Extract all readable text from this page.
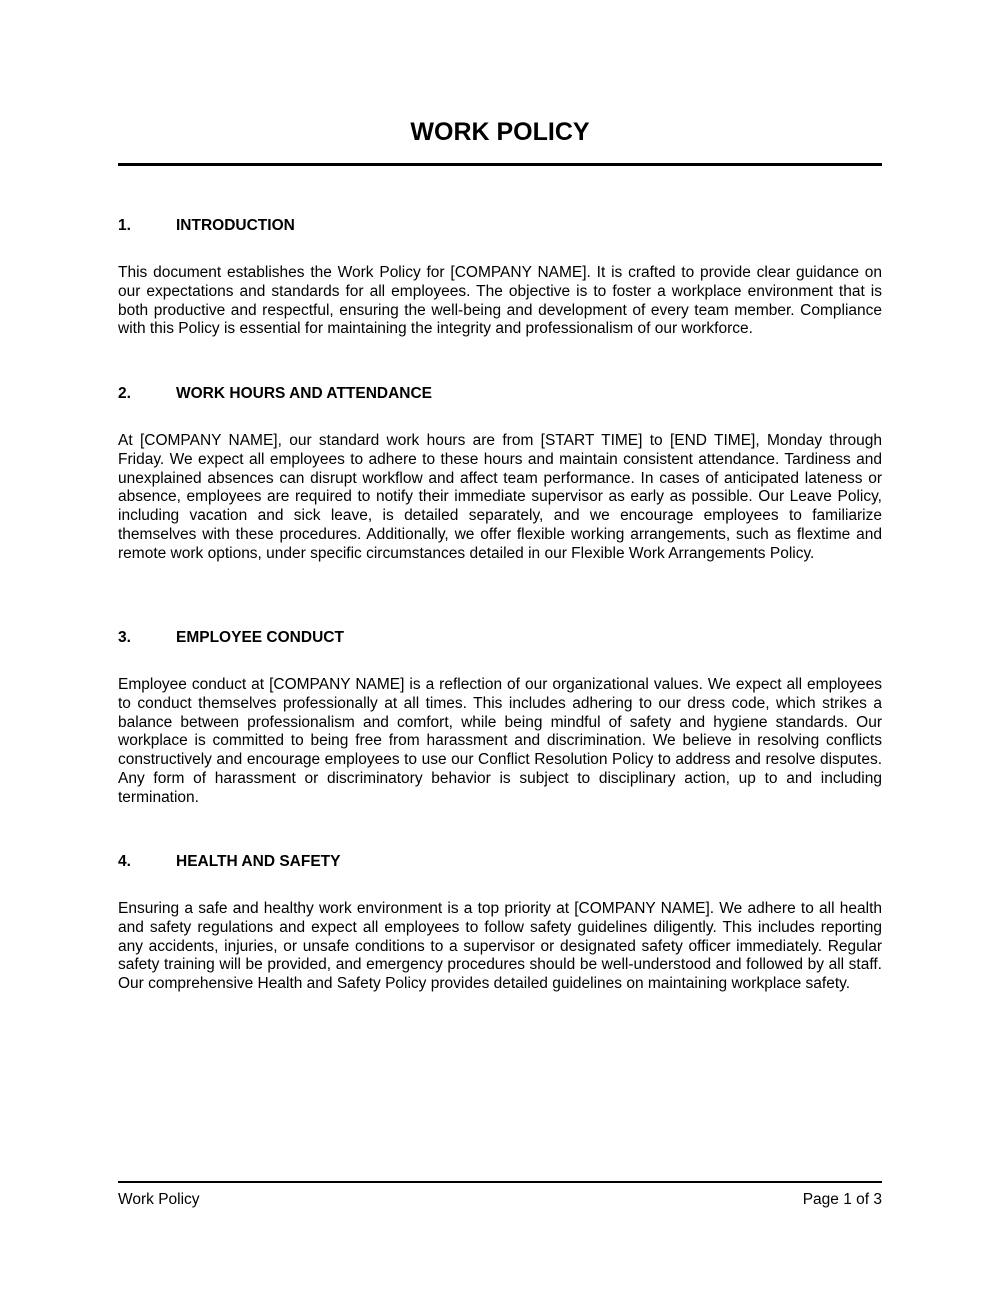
WORK POLICY
1.	INTRODUCTION

This document establishes the Work Policy for [COMPANY NAME]. It is crafted to provide clear guidance on our expectations and standards for all employees. The objective is to foster a workplace environment that is both productive and respectful, ensuring the well-being and development of every team member. Compliance with this Policy is essential for maintaining the integrity and professionalism of our workforce.

2.	WORK HOURS AND ATTENDANCE

At [COMPANY NAME], our standard work hours are from [START TIME] to [END TIME], Monday through Friday. We expect all employees to adhere to these hours and maintain consistent attendance. Tardiness and unexplained absences can disrupt workflow and affect team performance. In cases of anticipated lateness or absence, employees are required to notify their immediate supervisor as early as possible. Our Leave Policy, including vacation and sick leave, is detailed separately, and we encourage employees to familiarize themselves with these procedures. Additionally, we offer flexible working arrangements, such as flextime and remote work options, under specific circumstances detailed in our Flexible Work Arrangements Policy.

3.	EMPLOYEE CONDUCT

Employee conduct at [COMPANY NAME] is a reflection of our organizational values. We expect all employees to conduct themselves professionally at all times. This includes adhering to our dress code, which strikes a balance between professionalism and comfort, while being mindful of safety and hygiene standards. Our workplace is committed to being free from harassment and discrimination. We believe in resolving conflicts constructively and encourage employees to use our Conflict Resolution Policy to address and resolve disputes. Any form of harassment or discriminatory behavior is subject to disciplinary action, up to and including termination.

4.	HEALTH AND SAFETY

Ensuring a safe and healthy work environment is a top priority at [COMPANY NAME]. We adhere to all health and safety regulations and expect all employees to follow safety guidelines diligently. This includes reporting any accidents, injuries, or unsafe conditions to a supervisor or designated safety officer immediately. Regular safety training will be provided, and emergency procedures should be well-understood and followed by all staff. Our comprehensive Health and Safety Policy provides detailed guidelines on maintaining workplace safety.

Work Policy	Page 1 of 3
